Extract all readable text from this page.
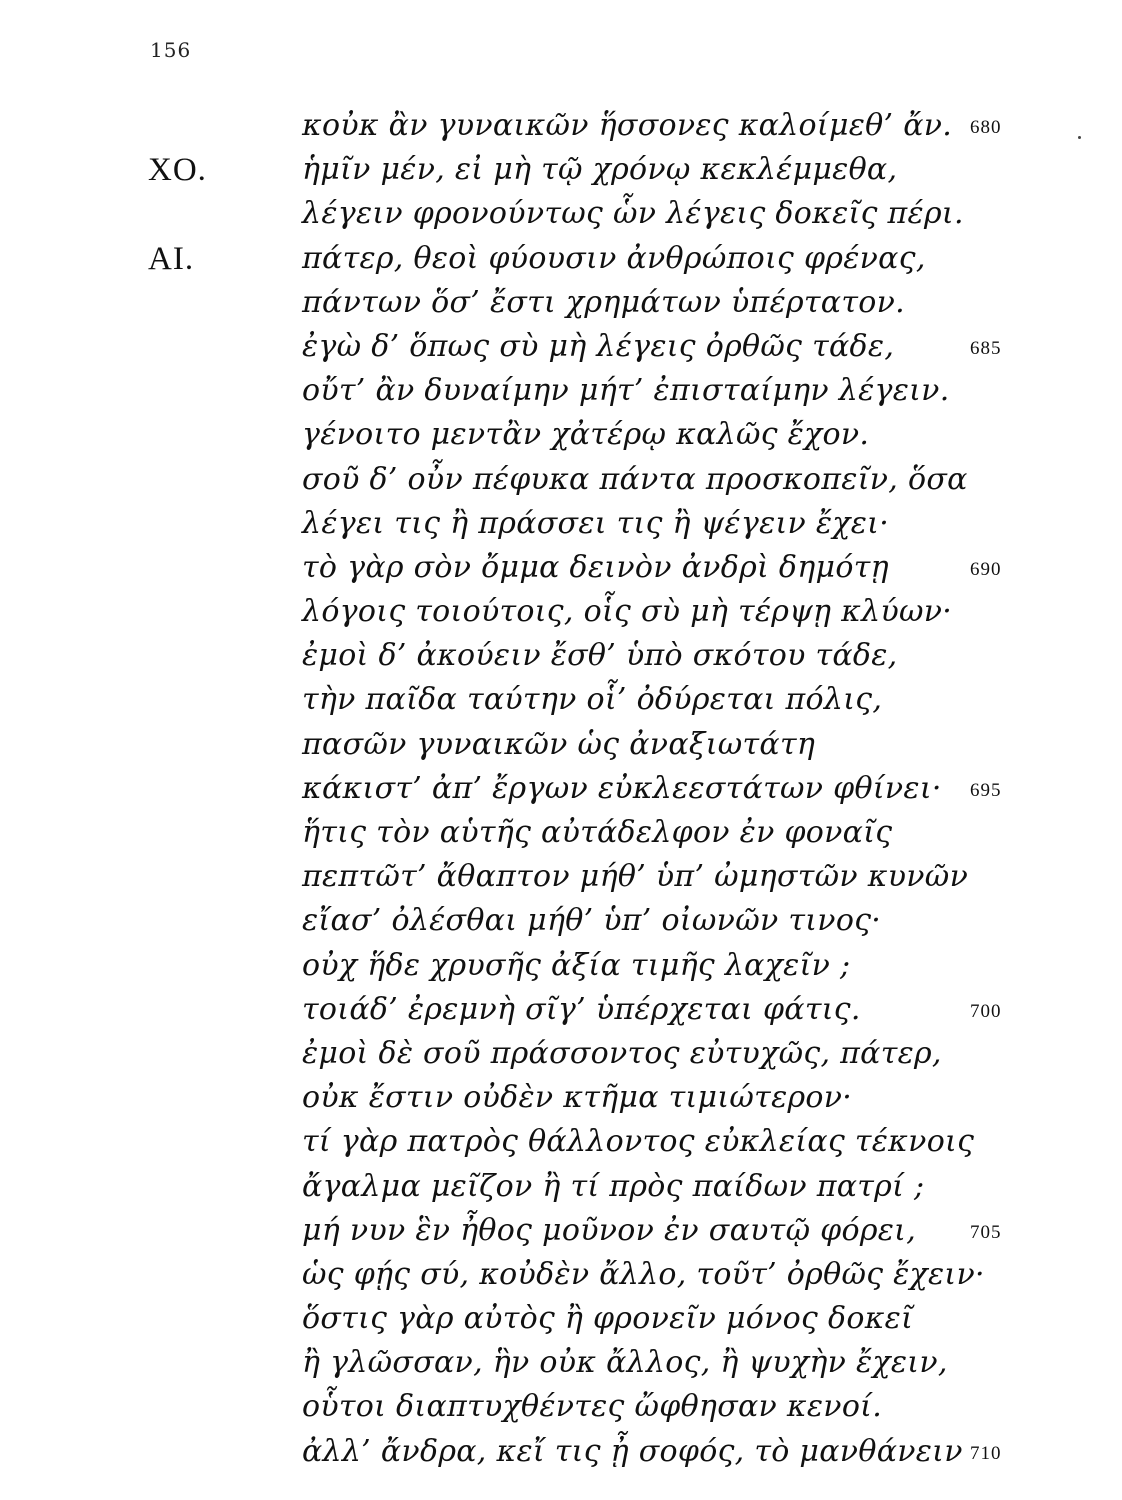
156
κοὐκ ἂν γυναικῶν ἥσσονες καλοίμεθ’ ἄν. 680
ΧΟ.	ἡμῖν μέν, εἰ μὴ τῷ χρόνῳ κεκλέμμεθα,
λέγειν φρονούντως ὧν λέγεις δοκεῖς πέρι.
ΑΙ.	πάτερ, θεοὶ φύουσιν ἀνθρώποις φρένας,
πάντων ὅσ’ ἔστι χρημάτων ὑπέρτατον.
ἐγὼ δ’ ὅπως σὺ μὴ λέγεις ὀρθῶς τάδε,	685
οὔτ’ ἂν δυναίμην μήτ’ ἐπισταίμην λέγειν.
γένοιτο μεντἂν χἀτέρῳ καλῶς ἔχον.
σοῦ δ’ οὖν πέφυκα πάντα προσκοπεῖν, ὅσα
λέγει τις ἢ πράσσει τις ἢ ψέγειν ἔχει·
τὸ γὰρ σὸν ὄμμα δεινὸν ἀνδρὶ δημότῃ	690
λόγοις τοιούτοις, οἷς σὺ μὴ τέρψῃ κλύων·
ἐμοὶ δ’ ἀκούειν ἔσθ’ ὑπὸ σκότου τάδε,
τὴν παῖδα ταύτην οἷ’ ὀδύρεται πόλις,
πασῶν γυναικῶν ὡς ἀναξιωτάτη
κάκιστ’ ἀπ’ ἔργων εὐκλεεστάτων φθίνει· 695
ἥτις τὸν αὑτῆς αὐτάδελφον ἐν φοναῖς
πεπτῶτ’ ἄθαπτον μήθ’ ὑπ’ ὠμηστῶν κυνῶν
εἴασ’ ὀλέσθαι μήθ’ ὑπ’ οἰωνῶν τινος·
οὐχ ἥδε χρυσῆς ἀξία τιμῆς λαχεῖν ;
τοιάδ’ ἐρεμνὴ σῖγ’ ὑπέρχεται φάτις.	700
ἐμοὶ δὲ σοῦ πράσσοντος εὐτυχῶς, πάτερ,
οὐκ ἔστιν οὐδὲν κτῆμα τιμιώτερον·
τί γὰρ πατρὸς θάλλοντος εὐκλείας τέκνοις
ἄγαλμα μεῖζον ἢ τί πρὸς παίδων πατρί ;
μή νυν ἓν ἦθος μοῦνον ἐν σαυτῷ φόρει,	705
ὡς φῄς σύ, κοὐδὲν ἄλλο, τοῦτ’ ὀρθῶς ἔχειν·
ὅστις γὰρ αὐτὸς ἢ φρονεῖν μόνος δοκεῖ
ἢ γλῶσσαν, ἣν οὐκ ἄλλος, ἢ ψυχὴν ἔχειν,
οὗτοι διαπτυχθέντες ὤφθησαν κενοί.
ἀλλ’ ἄνδρα, κεἴ τις ᾖ σοφός, τὸ μανθάνειν 710
